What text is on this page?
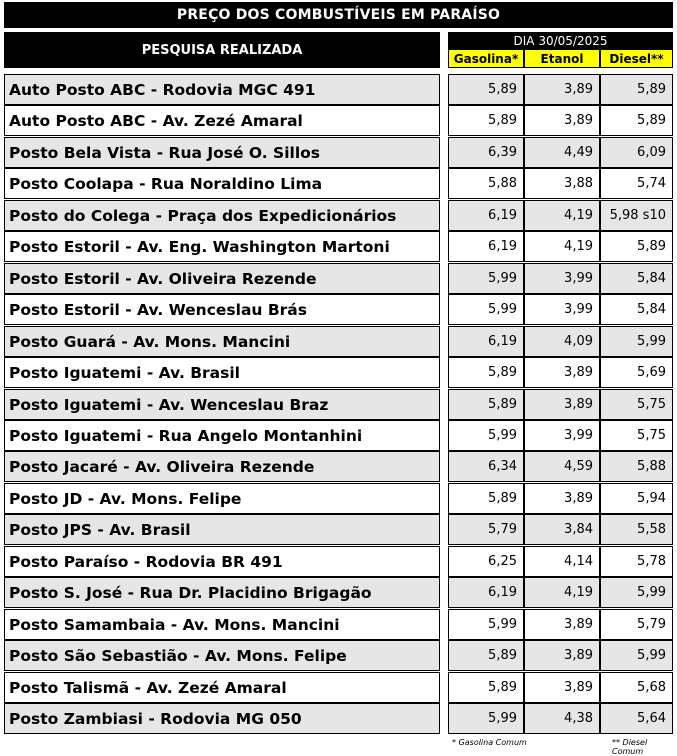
PREÇO DOS COMBUSTÍVEIS EM PARAÍSO
PESQUISA REALIZADA
DIA 30/05/2025
Gasolina*	Etanol	Diesel**
Auto Posto ABC - Rodovia MGC 491	5,89	3,89	5,89
Auto Posto ABC - Av. Zezé Amaral	5,89	3,89	5,89
Posto Bela Vista - Rua José O. Sillos	6,39	4,49	6,09
Posto Coolapa - Rua Noraldino Lima	5,88	3,88	5,74
Posto do Colega - Praça dos Expedicionários	6,19	4,19	5,98 s10
Posto Estoril - Av. Eng. Washington Martoni	6,19	4,19	5,89
Posto Estoril - Av. Oliveira Rezende	5,99	3,99	5,84
Posto Estoril - Av. Wenceslau Brás	5,99	3,99	5,84
Posto Guará - Av. Mons. Mancini	6,19	4,09	5,99
Posto Iguatemi - Av. Brasil	5,89	3,89	5,69
Posto Iguatemi - Av. Wenceslau Braz	5,89	3,89	5,75
Posto Iguatemi - Rua Angelo Montanhini	5,99	3,99	5,75
Posto Jacaré - Av. Oliveira Rezende	6,34	4,59	5,88
Posto JD - Av. Mons. Felipe	5,89	3,89	5,94
Posto JPS - Av. Brasil	5,79	3,84	5,58
Posto Paraíso - Rodovia BR 491	6,25	4,14	5,78
Posto S. José - Rua Dr. Placidino Brigagão	6,19	4,19	5,99
Posto Samambaia - Av. Mons. Mancini	5,99	3,89	5,79
Posto São Sebastião - Av. Mons. Felipe	5,89	3,89	5,99
Posto Talismã - Av. Zezé Amaral	5,89	3,89	5,68
Posto Zambiasi - Rodovia MG 050	5,99	4,38	5,64
* Gasolina Comum	** Diesel Comum
